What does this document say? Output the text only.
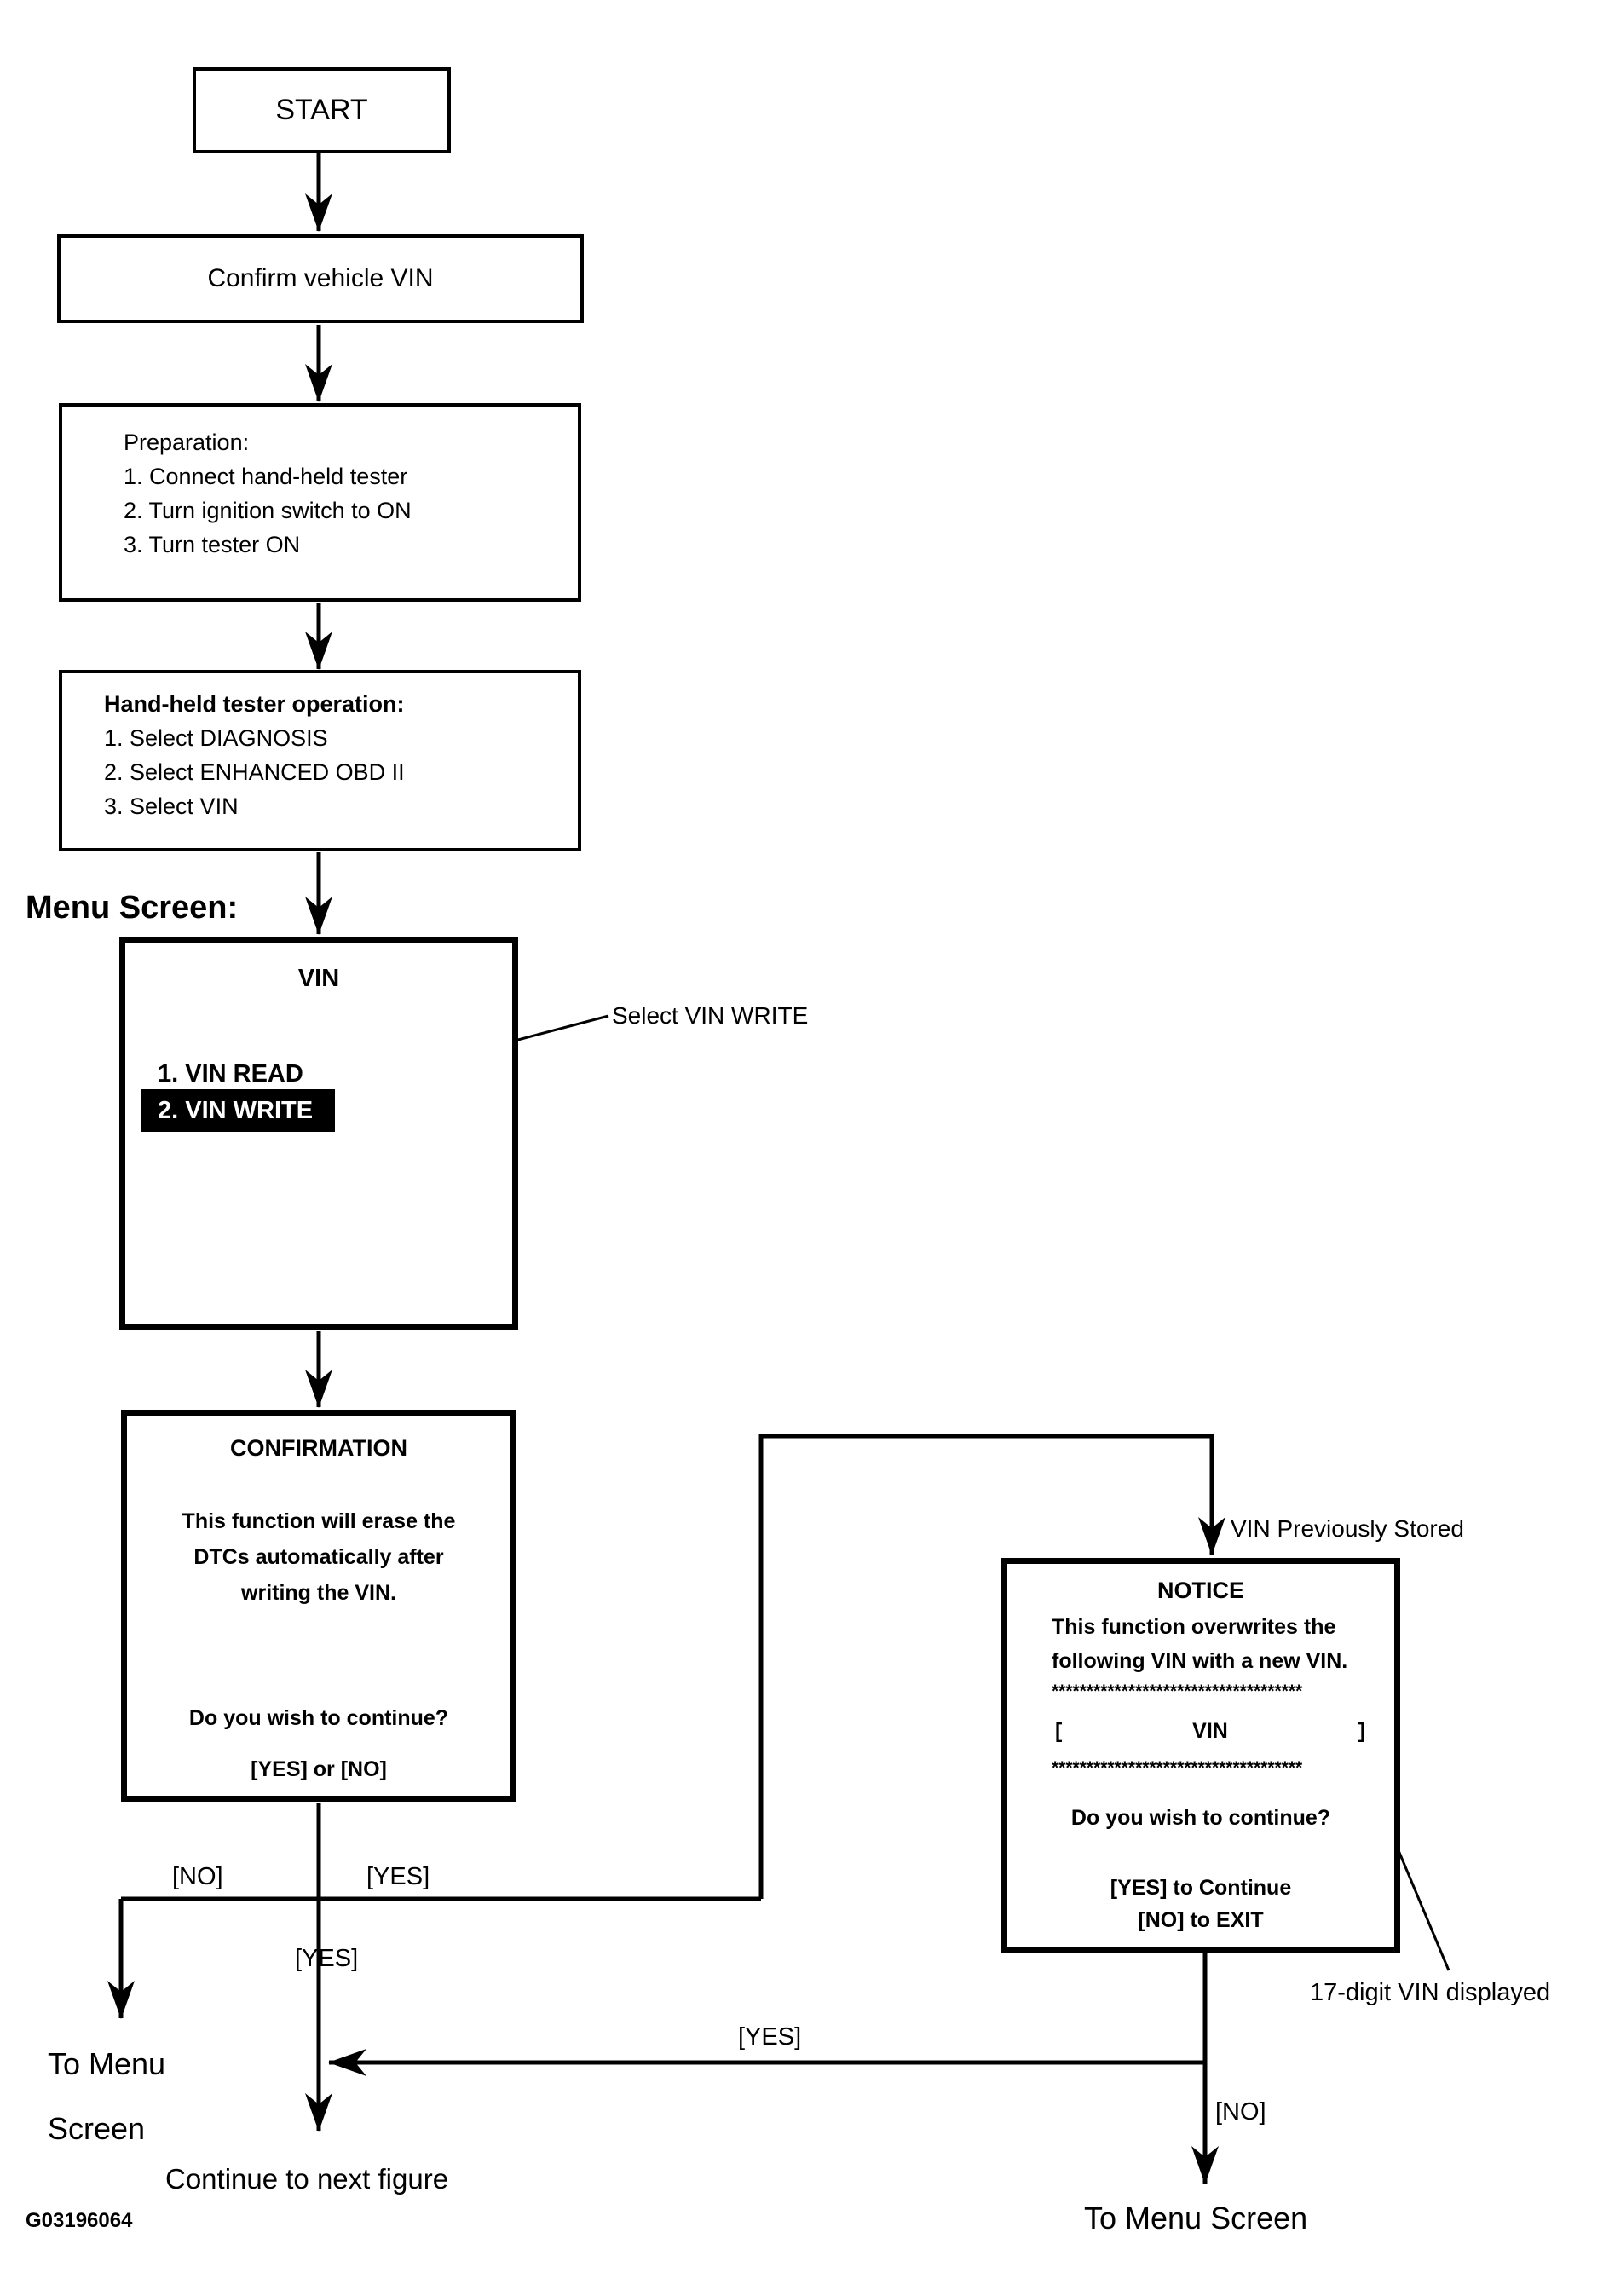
START
Confirm vehicle VIN
Preparation:
1. Connect hand-held tester
2. Turn ignition switch to ON
3. Turn tester ON
Hand-held tester operation:
1. Select DIAGNOSIS
2. Select ENHANCED OBD II
3. Select VIN
Menu Screen:
VIN
1. VIN READ
2. VIN WRITE
Select VIN WRITE
CONFIRMATION
This function will erase the
DTCs automatically after
writing the VIN.
Do you wish to continue?
[YES] or [NO]
VIN Previously Stored
NOTICE
This function overwrites the
following VIN with a new VIN.
************************************
[	VIN	]
************************************
Do you wish to continue?
[YES] to Continue
[NO] to EXIT
17-digit VIN displayed
[NO]	[YES]
[YES]
[YES]
[NO]
To Menu
Screen
Continue to next figure
To Menu Screen
G03196064
